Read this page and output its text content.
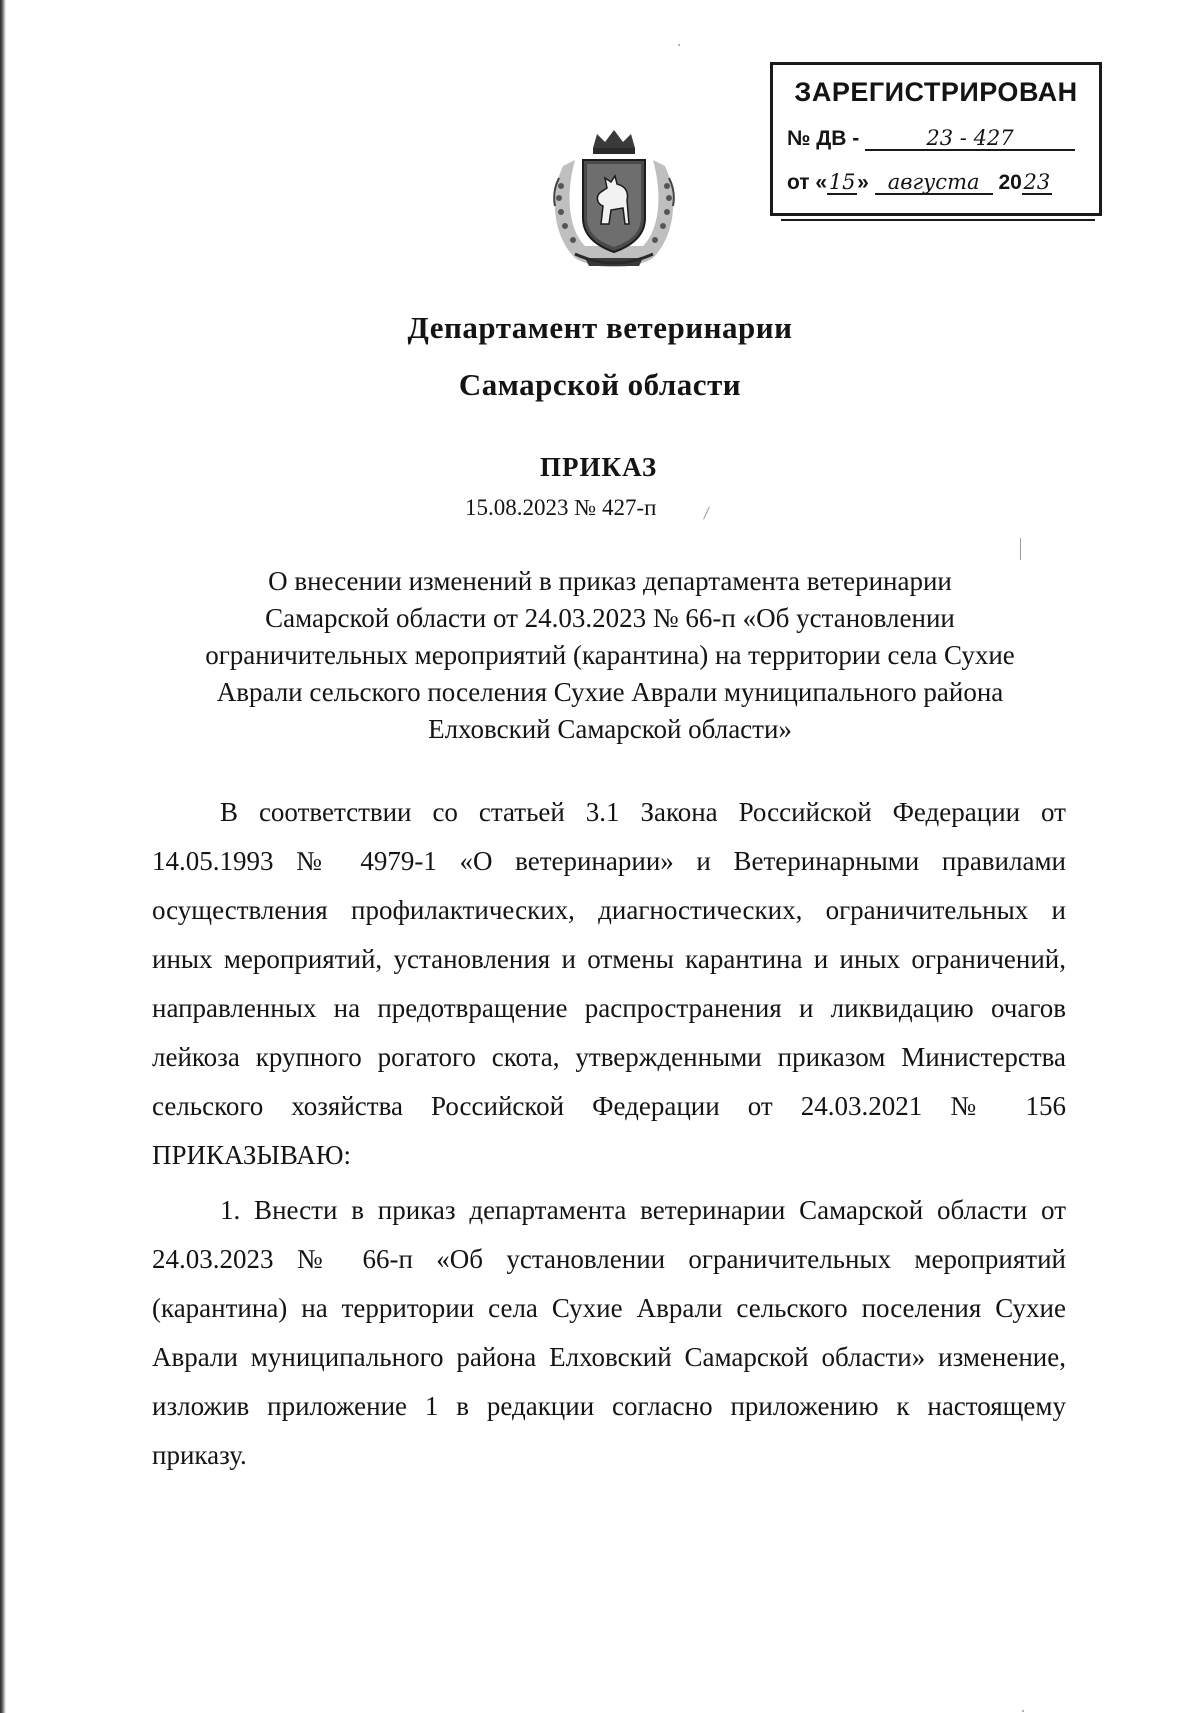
ЗАРЕГИСТРИРОВАН
№ ДВ -	23 - 427
от «15» августа 2023
Департамент ветеринарии
Самарской области
ПРИКАЗ
15.08.2023 № 427-п
О внесении изменений в приказ департамента ветеринарии
Самарской области от 24.03.2023 № 66-п «Об установлении
ограничительных мероприятий (карантина) на территории села Сухие
Аврали сельского поселения Сухие Аврали муниципального района
Елховский Самарской области»
В соответствии со статьей 3.1 Закона Российской Федерации от 14.05.1993 № 4979-1 «О ветеринарии» и Ветеринарными правилами осуществления профилактических, диагностических, ограничительных и иных мероприятий, установления и отмены карантина и иных ограничений, направленных на предотвращение распространения и ликвидацию очагов лейкоза крупного рогатого скота, утвержденными приказом Министерства сельского хозяйства Российской Федерации от 24.03.2021 № 156 ПРИКАЗЫВАЮ:
1. Внести в приказ департамента ветеринарии Самарской области от 24.03.2023 № 66-п «Об установлении ограничительных мероприятий (карантина) на территории села Сухие Аврали сельского поселения Сухие Аврали муниципального района Елховский Самарской области» изменение, изложив приложение 1 в редакции согласно приложению к настоящему приказу.
